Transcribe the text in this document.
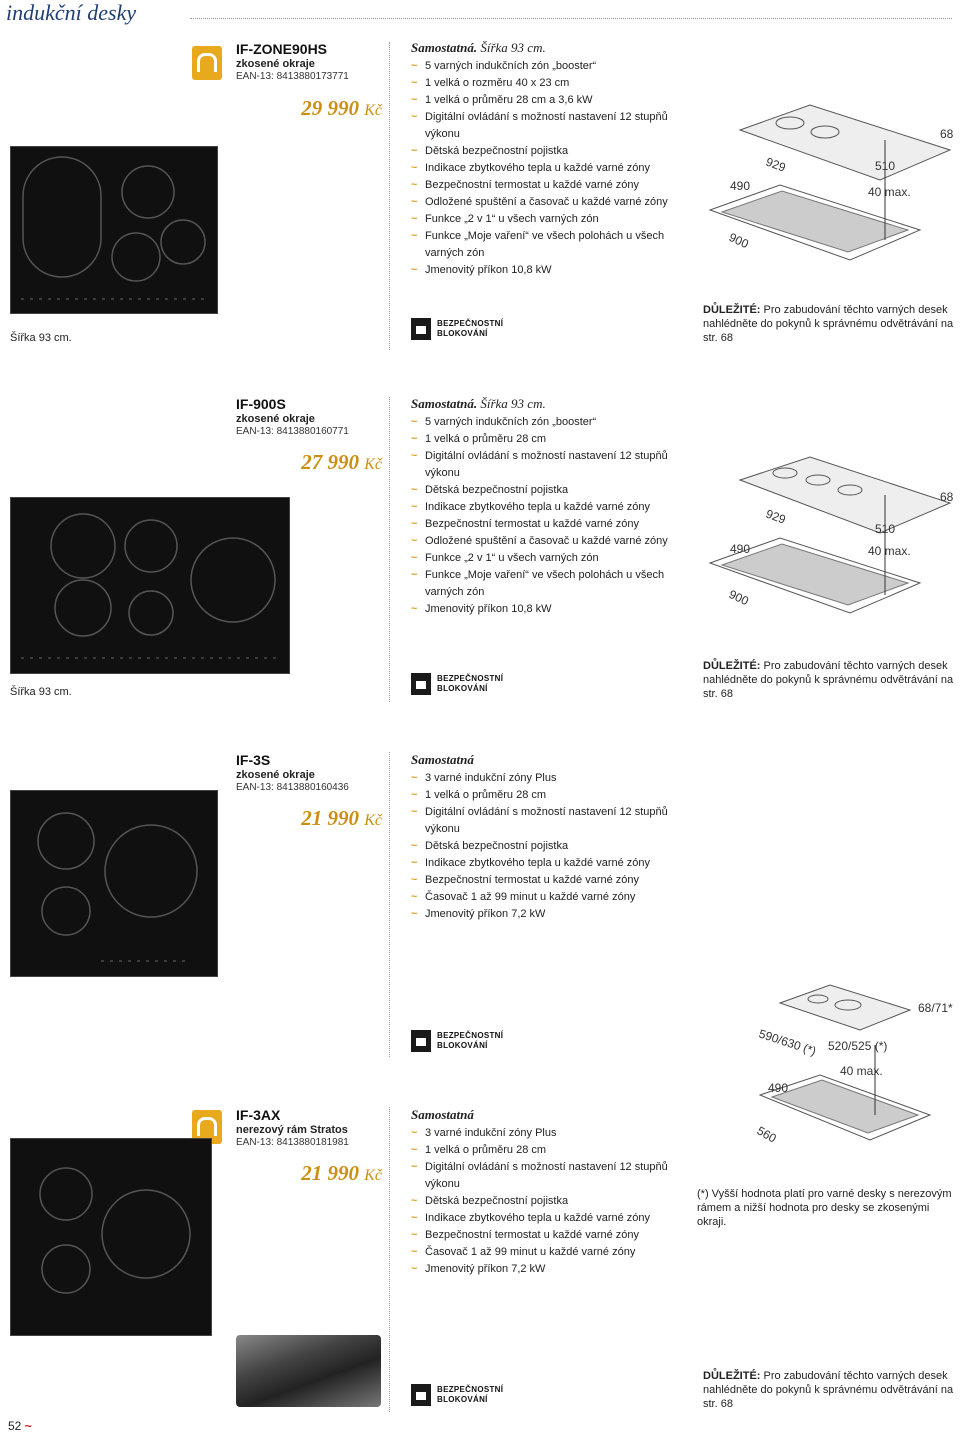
indukční desky
IF-ZONE90HS
zkosené okraje
EAN-13: 8413880173771
29 990 Kč
Šířka 93 cm.
Samostatná. Šířka 93 cm.
~ 5 varných indukčních zón „booster“
~ 1 velká o rozměru 40 x 23 cm
~ 1 velká o průměru 28 cm a 3,6 kW
~ Digitální ovládání s možností nastavení 12 stupňů výkonu
~ Dětská bezpečnostní pojistka
~ Indikace zbytkového tepla u každé varné zóny
~ Bezpečnostní termostat u každé varné zóny
~ Odložené spuštění a časovač u každé varné zóny
~ Funkce „2 v 1“ u všech varných zón
~ Funkce „Moje vaření“ ve všech polohách u všech varných zón
~ Jmenovitý příkon 10,8 kW
BEZPEČNOSTNÍ
BLOKOVÁNÍ
929
490
900
510
40 max.
68
DŮLEŽITÉ: Pro zabudování těchto varných desek nahlédněte do pokynů k správnému odvětrávání na str. 68
IF-900S
zkosené okraje
EAN-13: 8413880160771
27 990 Kč
Šířka 93 cm.
Samostatná. Šířka 93 cm.
~ 5 varných indukčních zón „booster“
~ 1 velká o průměru 28 cm
~ Digitální ovládání s možností nastavení 12 stupňů výkonu
~ Dětská bezpečnostní pojistka
~ Indikace zbytkového tepla u každé varné zóny
~ Bezpečnostní termostat u každé varné zóny
~ Odložené spuštění a časovač u každé varné zóny
~ Funkce „2 v 1“ u všech varných zón
~ Funkce „Moje vaření“ ve všech polohách u všech varných zón
~ Jmenovitý příkon 10,8 kW
BEZPEČNOSTNÍ
BLOKOVÁNÍ
929
490
900
510
40 max.
68
DŮLEŽITÉ: Pro zabudování těchto varných desek nahlédněte do pokynů k správnému odvětrávání na str. 68
IF-3S
zkosené okraje
EAN-13: 8413880160436
21 990 Kč
Samostatná
~ 3 varné indukční zóny Plus
~ 1 velká o průměru 28 cm
~ Digitální ovládání s možností nastavení 12 stupňů výkonu
~ Dětská bezpečnostní pojistka
~ Indikace zbytkového tepla u každé varné zóny
~ Bezpečnostní termostat u každé varné zóny
~ Časovač 1 až 99 minut u každé varné zóny
~ Jmenovitý příkon 7,2 kW
BEZPEČNOSTNÍ
BLOKOVÁNÍ	590/630 (*) 520/525 (*)
68/71*
40 max.
490
560
(*) Vyšší hodnota platí pro varné desky s nerezovým rámem a nižší hodnota pro desky se zkosenými okraji.
IF-3AX
nerezový rám Stratos
EAN-13: 8413880181981
21 990 Kč
Samostatná
~ 3 varné indukční zóny Plus
~ 1 velká o průměru 28 cm
~ Digitální ovládání s možností nastavení 12 stupňů výkonu
~ Dětská bezpečnostní pojistka
~ Indikace zbytkového tepla u každé varné zóny
~ Bezpečnostní termostat u každé varné zóny
~ Časovač 1 až 99 minut u každé varné zóny
~ Jmenovitý příkon 7,2 kW
BEZPEČNOSTNÍ
BLOKOVÁNÍ
DŮLEŽITÉ: Pro zabudování těchto varných desek nahlédněte do pokynů k správnému odvětrávání na str. 68
52 ~
